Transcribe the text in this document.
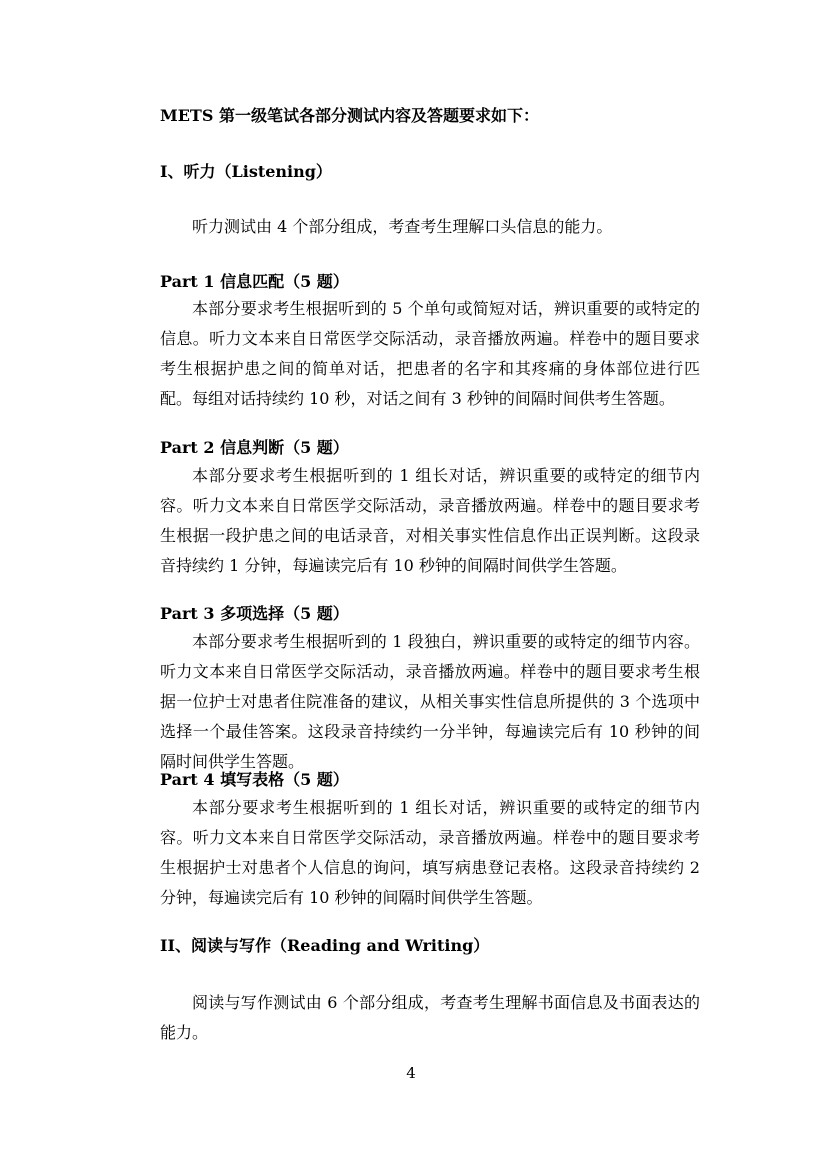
METS 第一级笔试各部分测试内容及答题要求如下：

I、听力（Listening）

听力测试由 4 个部分组成，考查考生理解口头信息的能力。

Part 1 信息匹配（5 题）

本部分要求考生根据听到的 5 个单句或简短对话，辨识重要的或特定的信息。听力文本来自日常医学交际活动，录音播放两遍。样卷中的题目要求考生根据护患之间的简单对话，把患者的名字和其疼痛的身体部位进行匹配。每组对话持续约 10 秒，对话之间有 3 秒钟的间隔时间供考生答题。

Part 2 信息判断（5 题）

本部分要求考生根据听到的 1 组长对话，辨识重要的或特定的细节内容。听力文本来自日常医学交际活动，录音播放两遍。样卷中的题目要求考生根据一段护患之间的电话录音，对相关事实性信息作出正误判断。这段录音持续约 1 分钟，每遍读完后有 10 秒钟的间隔时间供学生答题。

Part 3 多项选择（5 题）

本部分要求考生根据听到的 1 段独白，辨识重要的或特定的细节内容。听力文本来自日常医学交际活动，录音播放两遍。样卷中的题目要求考生根据一位护士对患者住院准备的建议，从相关事实性信息所提供的 3 个选项中选择一个最佳答案。这段录音持续约一分半钟，每遍读完后有 10 秒钟的间隔时间供学生答题。

Part 4 填写表格（5 题）

本部分要求考生根据听到的 1 组长对话，辨识重要的或特定的细节内容。听力文本来自日常医学交际活动，录音播放两遍。样卷中的题目要求考生根据护士对患者个人信息的询问，填写病患登记表格。这段录音持续约 2 分钟，每遍读完后有 10 秒钟的间隔时间供学生答题。

II、阅读与写作（Reading and Writing）

阅读与写作测试由 6 个部分组成，考查考生理解书面信息及书面表达的能力。

4
